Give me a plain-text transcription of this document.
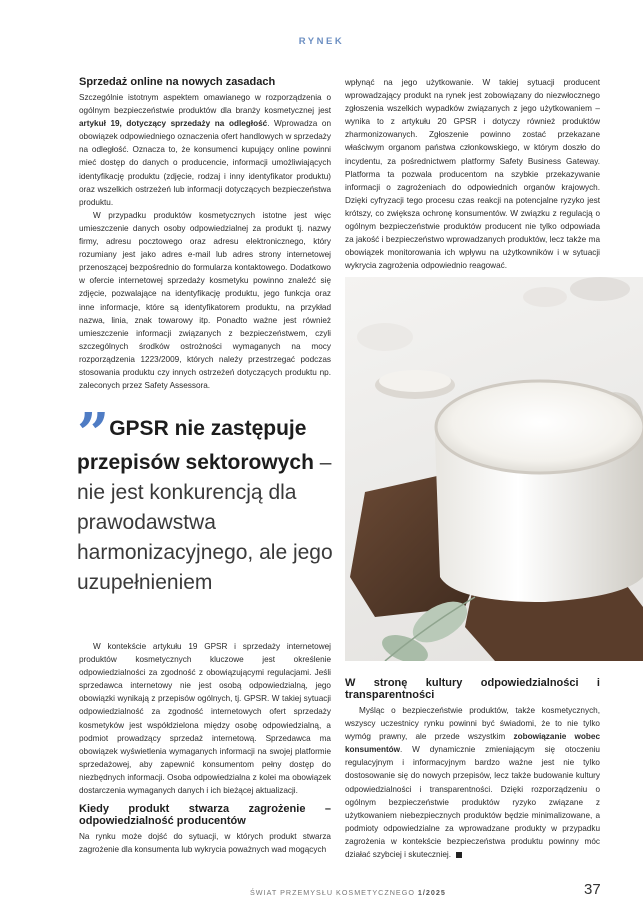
RYNEK
Sprzedaż online na nowych zasadach

Szczególnie istotnym aspektem omawianego w rozporządzenia o ogólnym bezpieczeństwie produktów dla branży kosmetycznej jest artykuł 19, dotyczący sprzedaży na odległość. Wprowadza on obowiązek odpowiedniego oznaczenia ofert handlowych w sprzedaży na odległość. Oznacza to, że konsumenci kupujący online powinni mieć dostęp do danych o producencie, informacji umożliwiających identyfikację produktu (zdjęcie, rodzaj i inny identyfikator produktu) oraz wszelkich ostrzeżeń lub informacji dotyczących bezpieczeństwa produktu.

W przypadku produktów kosmetycznych istotne jest więc umieszczenie danych osoby odpowiedzialnej za produkt tj. nazwy firmy, adresu pocztowego oraz adresu elektronicznego, który rozumiany jest jako adres e-mail lub adres strony internetowej przenoszącej bezpośrednio do formularza kontaktowego. Dodatkowo w ofercie internetowej sprzedaży kosmetyku powinno znaleźć się zdjęcie, pozwalające na identyfikację produktu, jego funkcja oraz inne informacje, które są identyfikatorem produktu, na przykład nazwa, linia, znak towarowy itp. Ponadto ważne jest również umieszczenie informacji związanych z bezpieczeństwem, czyli szczególnych środków ostrożności wymaganych na mocy rozporządzenia 1223/2009, których należy przestrzegać podczas stosowania produktu czy innych ostrzeżeń dotyczących produktu np. zaleconych przez Safety Assessora.

”GPSR nie zastępuje przepisów sektorowych – nie jest konkurencją dla prawodawstwa harmonizacyjnego, ale jego uzupełnieniem

W kontekście artykułu 19 GPSR i sprzedaży internetowej produktów kosmetycznych kluczowe jest określenie odpowiedzialności za zgodność z obowiązującymi regulacjami. Jeśli sprzedawca internetowy nie jest osobą odpowiedzialną, jego obowiązki wynikają z przepisów ogólnych, tj. GPSR. W takiej sytuacji odpowiedzialność za zgodność internetowych ofert sprzedaży kosmetyków jest współdzielona między osobę odpowiedzialną, a podmiot prowadzący sprzedaż internetową. Sprzedawca ma obowiązek wyświetlenia wymaganych informacji na swojej platformie sprzedażowej, aby zapewnić konsumentom pełny dostęp do niezbędnych informacji. Osoba odpowiedzialna z kolei ma obowiązek dostarczenia wymaganych danych i ich bieżącej aktualizacji.

Kiedy produkt stwarza zagrożenie – odpowiedzialność producentów

Na rynku może dojść do sytuacji, w których produkt stwarza zagrożenie dla konsumenta lub wykrycia poważnych wad mogących

wpłynąć na jego użytkowanie. W takiej sytuacji producent wprowadzający produkt na rynek jest zobowiązany do niezwłocznego zgłoszenia wszelkich wypadków związanych z jego użytkowaniem – wynika to z artykułu 20 GPSR i dotyczy również produktów zharmonizowanych. Zgłoszenie powinno zostać przekazane właściwym organom państwa członkowskiego, w którym doszło do incydentu, za pośrednictwem platformy Safety Business Gateway. Platforma ta pozwala producentom na szybkie przekazywanie informacji o zagrożeniach do odpowiednich organów krajowych. Dzięki cyfryzacji tego procesu czas reakcji na potencjalne ryzyko jest krótszy, co zwiększa ochronę konsumentów. W związku z regulacją o ogólnym bezpieczeństwie produktów producent nie tylko odpowiada za jakość i bezpieczeństwo wprowadzanych produktów, lecz także ma obowiązek monitorowania ich wpływu na użytkowników i w sytuacji wykrycia zagrożenia odpowiednio reagować.

W stronę kultury odpowiedzialności i transparentności

Myśląc o bezpieczeństwie produktów, także kosmetycznych, wszyscy uczestnicy rynku powinni być świadomi, że to nie tylko wymóg prawny, ale przede wszystkim zobowiązanie wobec konsumentów. W dynamicznie zmieniającym się otoczeniu regulacyjnym i informacyjnym bardzo ważne jest nie tylko dostosowanie się do nowych przepisów, lecz także budowanie kultury odpowiedzialności i transparentności. Dzięki rozporządzeniu o ogólnym bezpieczeństwie produktów ryzyko związane z użytkowaniem niebezpiecznych produktów będzie minimalizowane, a podmioty odpowiedzialne za wprowadzane produkty w przypadku zagrożenia w kontekście bezpieczeństwa produktu powinny móc działać szybciej i skuteczniej.

ŚWIAT PRZEMYSŁU KOSMETYCZNEGO 1/2025	37
